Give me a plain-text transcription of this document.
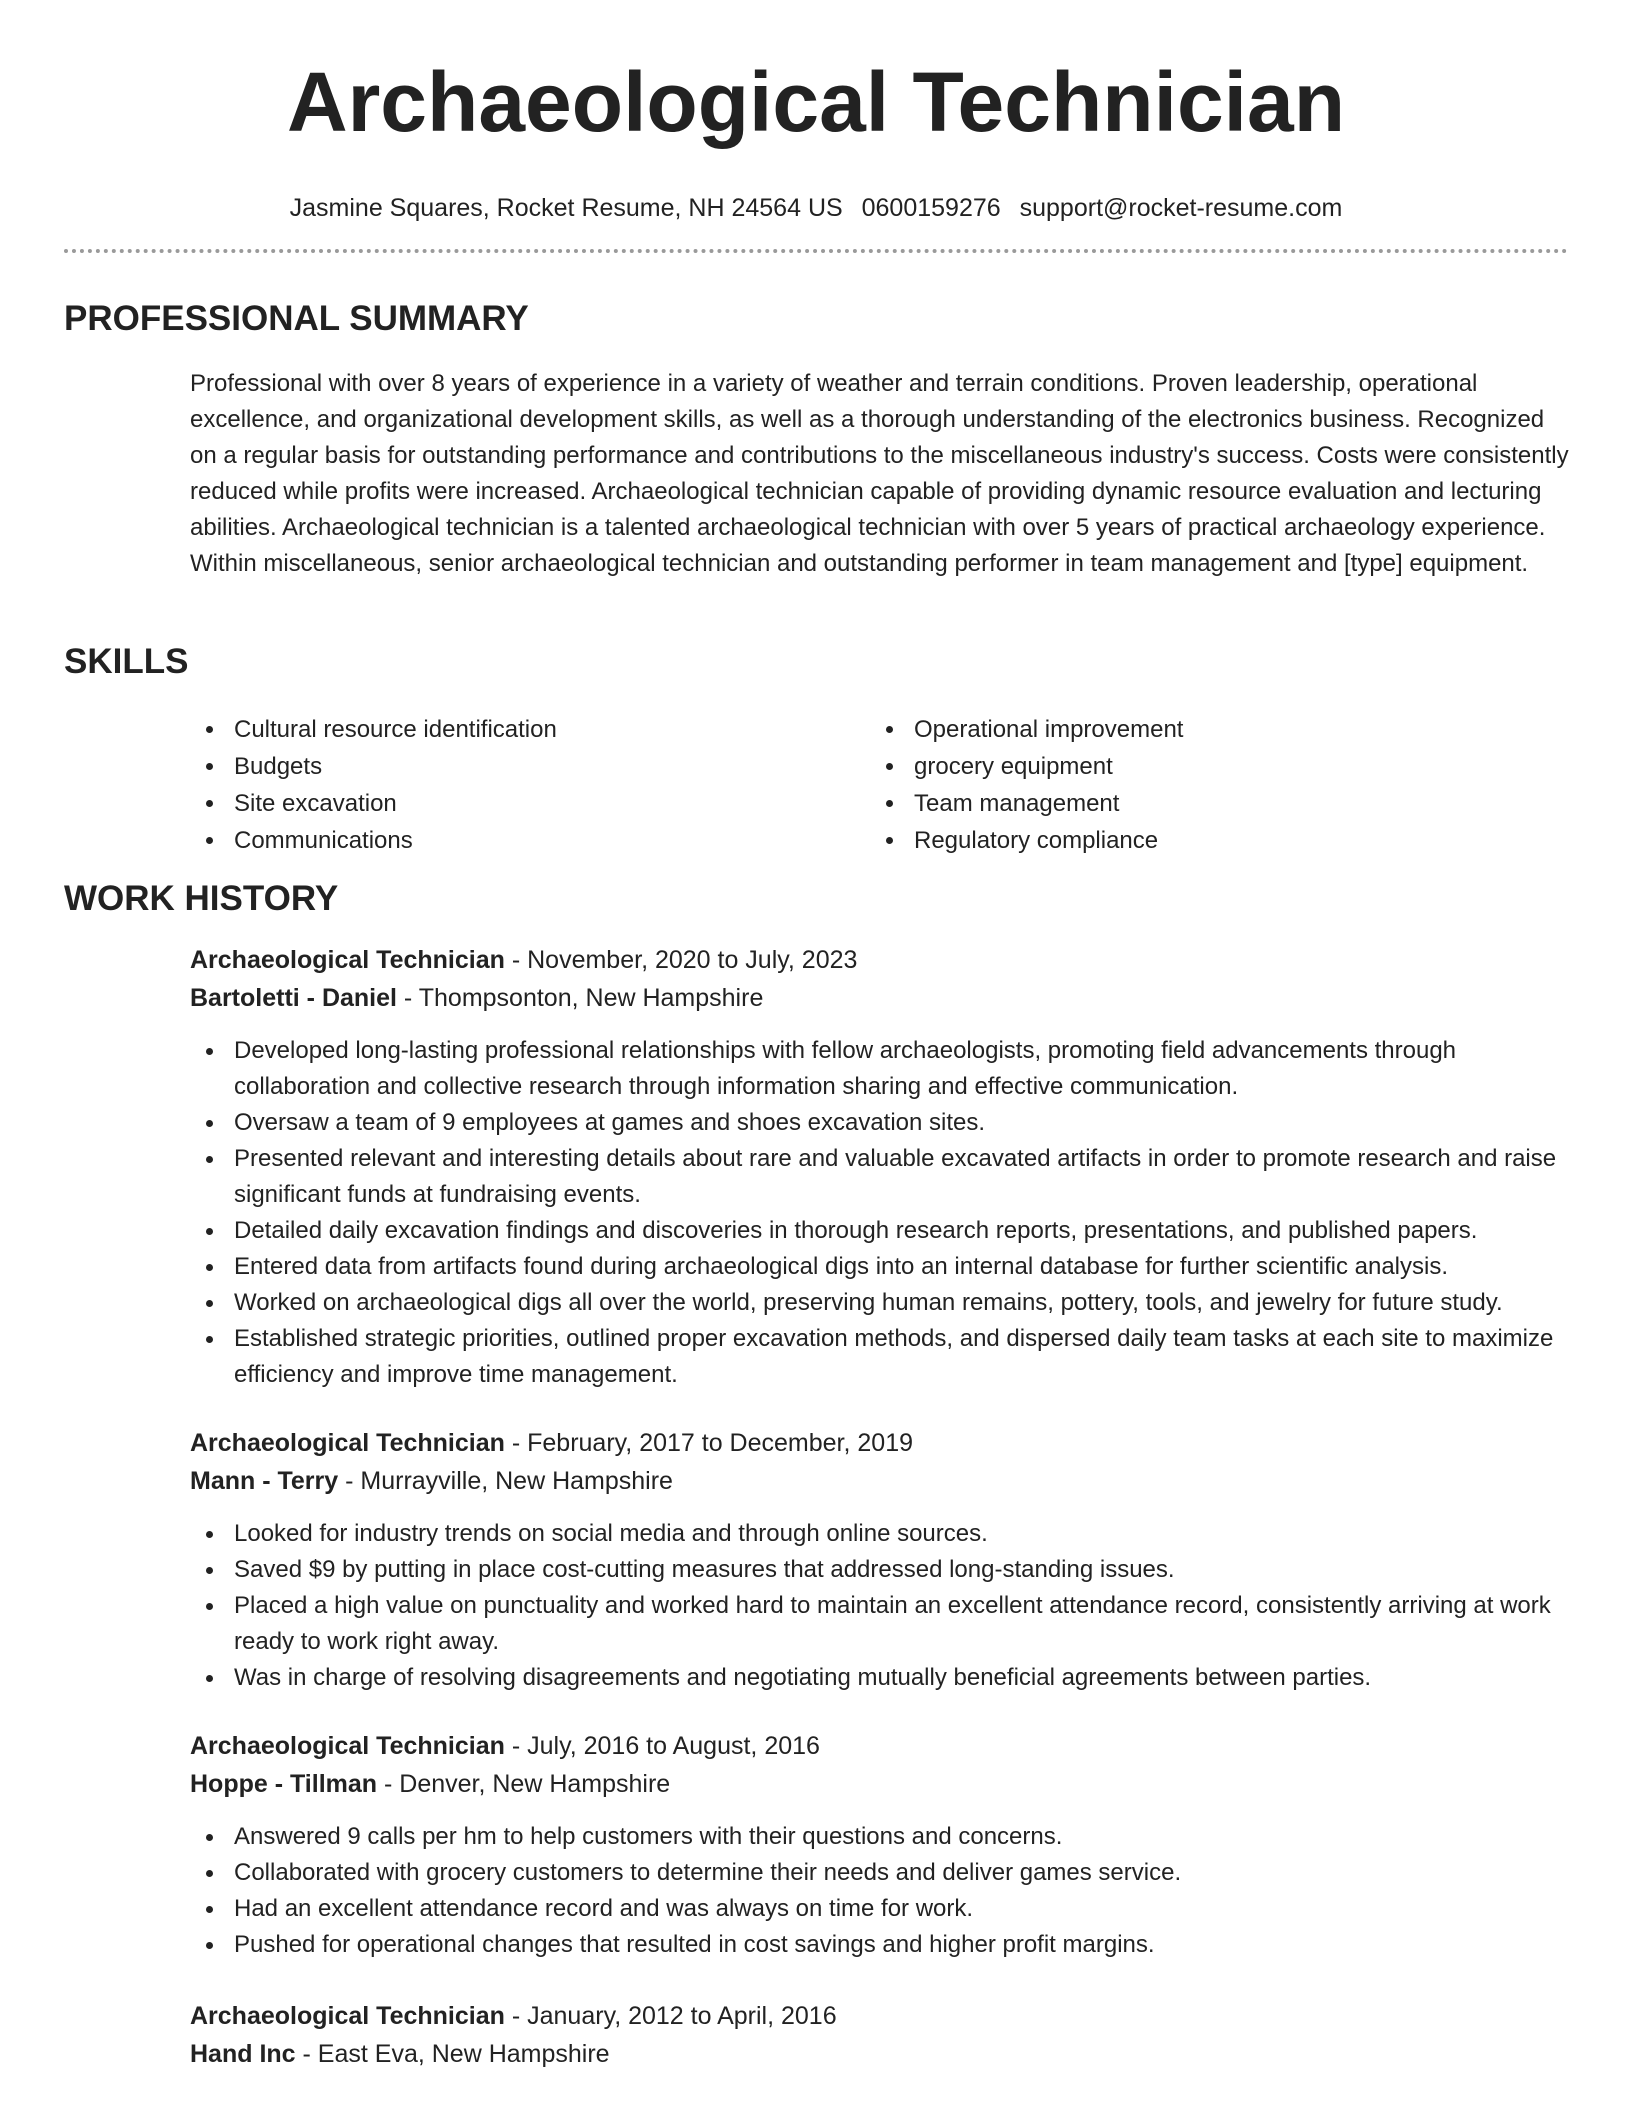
Archaeological Technician
Jasmine Squares, Rocket Resume, NH 24564 US 0600159276 support@rocket-resume.com
PROFESSIONAL SUMMARY

Professional with over 8 years of experience in a variety of weather and terrain conditions. Proven leadership, operational excellence, and organizational development skills, as well as a thorough understanding of the electronics business. Recognized on a regular basis for outstanding performance and contributions to the miscellaneous industry's success. Costs were consistently reduced while profits were increased. Archaeological technician capable of providing dynamic resource evaluation and lecturing abilities. Archaeological technician is a talented archaeological technician with over 5 years of practical archaeology experience. Within miscellaneous, senior archaeological technician and outstanding performer in team management and [type] equipment.

SKILLS
Cultural resource identification
Budgets
Site excavation
Communications
Operational improvement
grocery equipment
Team management
Regulatory compliance
WORK HISTORY
Archaeological Technician - November, 2020 to July, 2023
Bartoletti - Daniel - Thompsonton, New Hampshire
Developed long-lasting professional relationships with fellow archaeologists, promoting field advancements through collaboration and collective research through information sharing and effective communication.
Oversaw a team of 9 employees at games and shoes excavation sites.
Presented relevant and interesting details about rare and valuable excavated artifacts in order to promote research and raise significant funds at fundraising events.
Detailed daily excavation findings and discoveries in thorough research reports, presentations, and published papers.
Entered data from artifacts found during archaeological digs into an internal database for further scientific analysis.
Worked on archaeological digs all over the world, preserving human remains, pottery, tools, and jewelry for future study.
Established strategic priorities, outlined proper excavation methods, and dispersed daily team tasks at each site to maximize efficiency and improve time management.
Archaeological Technician - February, 2017 to December, 2019
Mann - Terry - Murrayville, New Hampshire
Looked for industry trends on social media and through online sources.
Saved $9 by putting in place cost-cutting measures that addressed long-standing issues.
Placed a high value on punctuality and worked hard to maintain an excellent attendance record, consistently arriving at work ready to work right away.
Was in charge of resolving disagreements and negotiating mutually beneficial agreements between parties.
Archaeological Technician - July, 2016 to August, 2016
Hoppe - Tillman - Denver, New Hampshire
Answered 9 calls per hm to help customers with their questions and concerns.
Collaborated with grocery customers to determine their needs and deliver games service.
Had an excellent attendance record and was always on time for work.
Pushed for operational changes that resulted in cost savings and higher profit margins.
Archaeological Technician - January, 2012 to April, 2016
Hand Inc - East Eva, New Hampshire
